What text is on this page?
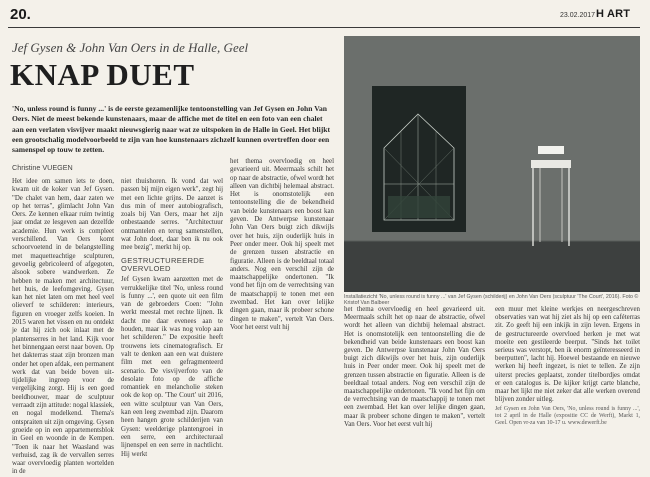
20.	23.02.2017 H ART
Jef Gysen & John Van Oers in de Halle, Geel
KNAP DUET
'No, unless round is funny ...' is de eerste gezamenlijke tentoonstelling van Jef Gysen en John Van Oers. Niet de meest bekende kunstenaars, maar de affiche met de titel en een foto van een chalet aan een verlaten visvijver maakt nieuwsgierig naar wat ze uitspoken in de Halle in Geel. Het blijkt een grootschalig modelvoorbeeld te zijn van hoe kunstenaars zichzelf kunnen overtreffen door een samenspel op touw te zetten.
Christine VUEGEN
Het idee om samen iets te doen, kwam uit de koker van Jef Gysen. "De chalet van hem, daar zaten we op het terras", glimlacht John Van Oers. Ze kennen elkaar ruim twintig jaar omdat ze lesgeven aan dezelfde academie. Hun werk is compleet verschillend. Van Oers komt schoorvoetend in de belangstelling met maquetteachtige sculpturen, gevoelig gebricoleerd of afgegoten, alsook sobere wandwerken. Ze hebben te maken met architectuur, het huis, de leefomgeving. Gysen kan het niet laten om met heel veel olieverf te schilderen: interieurs, figuren en vroeger zelfs koeien. In 2015 waren het vissen en nu ontdekt je dat hij zich ook inlaat met de plantenserres in het land. Kijk voor het binnengaan eerst naar boven. Op het dakterras staat zijn bronzen man onder het open afdak, een permanent werk dat van beide boven uit-tijdelijke ingreep voor de vergelijking zorgt. Hij is een goed beeldhouwer, maar de sculptuur verraadt zijn attitude: nogal klassiek, en nogal modelkend. Thema's ontspraiten uit zijn omgeving. Gysen groeide op in een appartementsblok in Geel en woonde in de Kempen. "Toen ik naar het Waasland was verhuisd, zag ik de vervallen serres waar overvloedig planten wortelden in de
niet thuishoren. Ik vond dat wel passen bij mijn eigen werk", zegt hij met een lichte grijns. De aanzet is dus min of meer autobiografisch, zoals bij Van Oers, maar het zijn onbestaande serres. "Architectuur ontmantelen en terug samenstellen, wat John doet, daar ben ik nu ook mee bezig", merkt hij op.
GESTRUCTUREERDE OVERVLOED
Jef Gysen kwam aanzetten met de verrukkelijke titel 'No, unless round is funny ...', een quote uit een film van de gebroeders Coen: "John werkt meestal met rechte lijnen. Ik dacht me daar evenees aan te houden, maar ik was nog volop aan het schilderen." De expositie heeft trouwens iets cinematografisch. Er valt te denken aan een wat duistere film met een gefragmenteerd scenario. De visvijverfoto van de desolate foto op de affiche romantiek en melancholie steken ook de kop op. 'The Court' uit 2016, een witte sculptuur van Van Oers, kan een leeg zwembad zijn. Daarom heen hangen grote schilderijen van Gysen: weelderige plantengroei in een serre, een architecturaal lijnenspel en een serre in nachtlicht. Hij werkt
het thema overvloedig en heel gevarieerd uit. Meermaals schilt het op naar de abstractie, ofwel wordt het alleen van dichtbij helemaal abstract. Het is onomstotelijk een tentoonstelling die de bekendheid van beide kunstenaars een boost kan geven. De Antwerpse kunstenaar John Van Oers buigt zich dikwijls over het huis, zijn ouderlijk huis in Peer onder meer. Ook hij speelt met de grenzen tussen abstractie en figuratie. Alleen is de beeldtaal totaal anders. Nog een verschil zijn de maatschappelijke ondertonen. "Ik vond het fijn om de verrechtsing van de maatschappij te tonen met een zwembad. Het kan over lelijke dingen gaan, maar ik probeer schone dingen te maken", vertelt Van Oers. Voor het eerst vult hij
Installatiezicht 'No, unless round is funny ...' van Jef Gysen (schilderij) en John Van Oers (sculptuur 'The Court', 2016). Foto © Kristof Van Balbeer
het thema overvloedig en heel gevarieerd uit. Meermaals schilt het op naar de abstractie, ofwel wordt het alleen van dichtbij helemaal abstract. Het is onomstotelijk een tentoonstelling die de bekendheid van beide kunstenaars een boost kan geven. De Antwerpse kunstenaar John Van Oers buigt zich dikwijls over het huis, zijn ouderlijk huis in Peer onder meer. Ook hij speelt met de grenzen tussen abstractie en figuratie. Alleen is de beeldtaal totaal anders. Nog een verschil zijn de maatschappelijke ondertonen. "Ik vond het fijn om de verrechtsing van de maatschappij te tonen met een zwembad. Het kan over lelijke dingen gaan, maar ik probeer schone dingen te maken", vertelt Van Oers. Voor het eerst vult hij
een muur met kleine werkjes en neergeschreven observaties van wat hij ziet als hij op een caféterras zit. Zo geeft hij een inkijk in zijn leven. Ergens in de gestructureerde overvloed herken je met wat moeite een gestileerde beerput. "Sinds het toilet serieus was verstopt, ben ik enorm geïnteresseerd in beerputten", lacht hij. Hoewel bestaande en nieuwe werken hij heeft ingezet, is niet te tellen. Ze zijn uiterst precies geplaatst, zonder titelbordjes omdat er een catalogus is. De kijker krijgt carte blanche, maar het lijkt me niet zeker dat alle werken overend blijven zonder uitleg.
Jef Gysen en John Van Oers, 'No, unless round is funny ...', tot 2 april in de Halle (expositie CC de Werft), Markt 1, Geel. Open vr-za van 10-17 u. www.dewerft.be
